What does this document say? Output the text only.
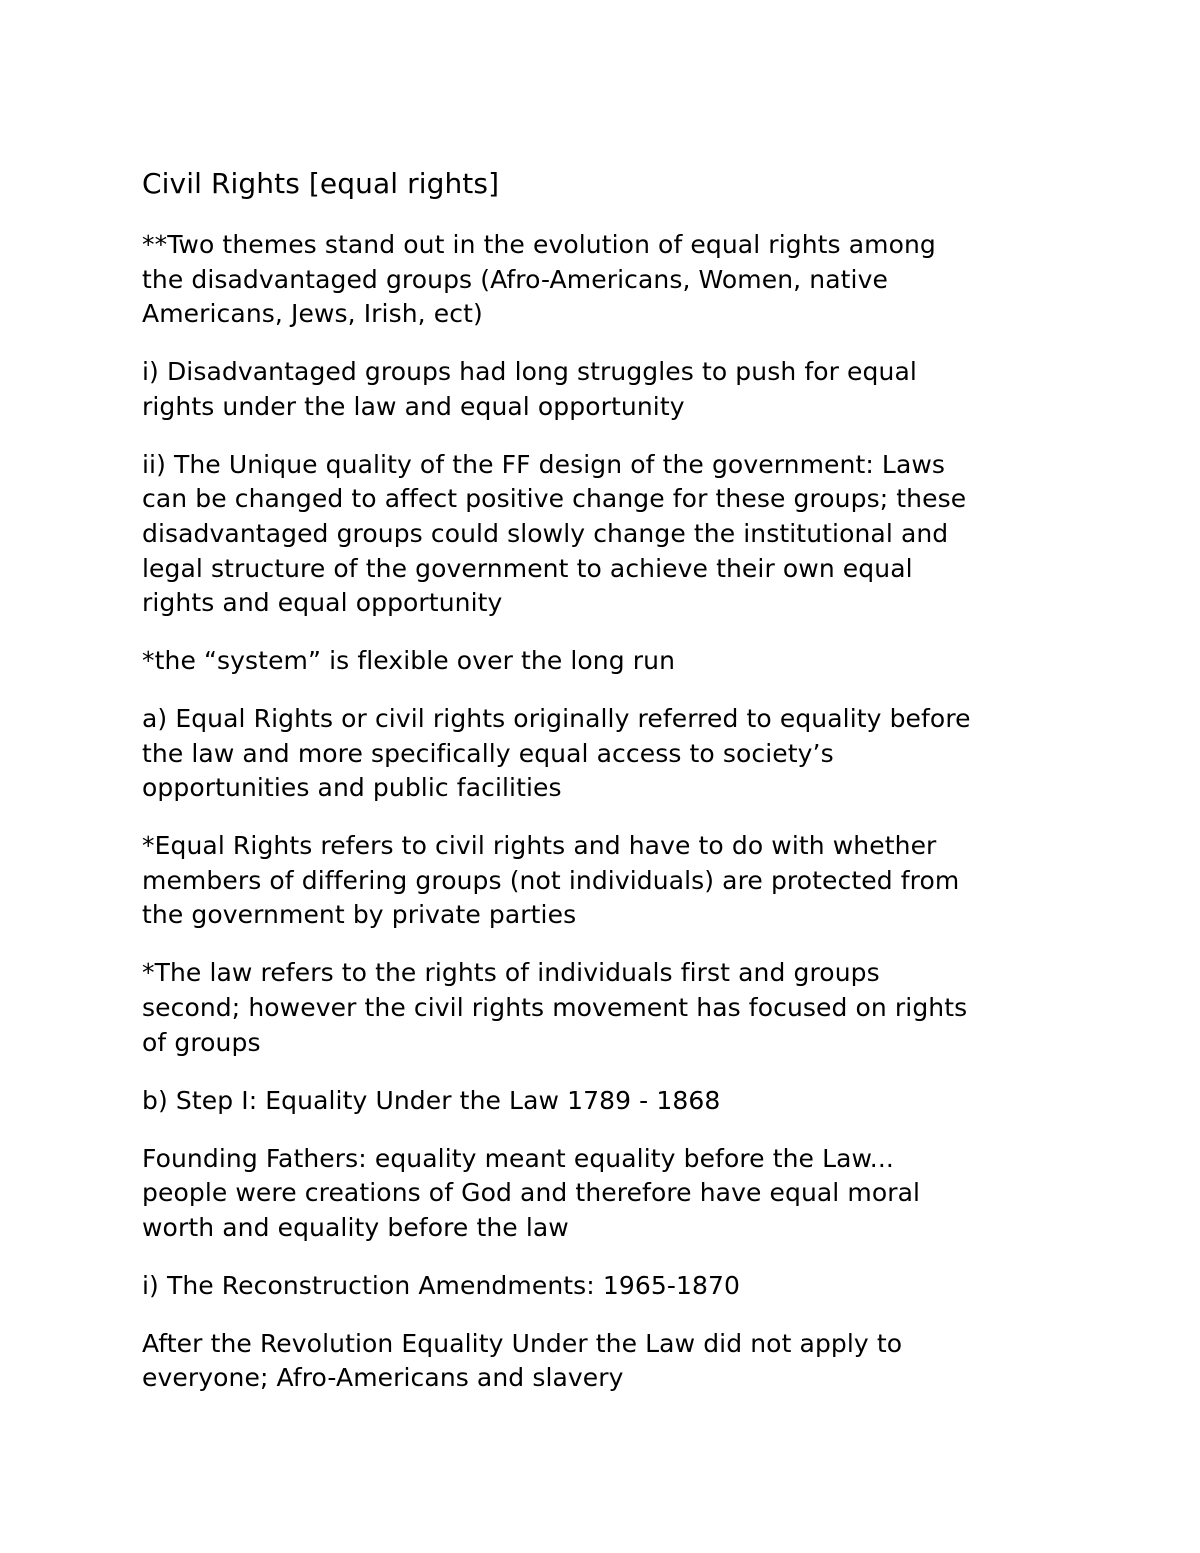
Civil Rights [equal rights]

**Two themes stand out in the evolution of equal rights among
the disadvantaged groups (Afro-Americans, Women, native
Americans, Jews, Irish, ect)

i) Disadvantaged groups had long struggles to push for equal
rights under the law and equal opportunity

ii) The Unique quality of the FF design of the government: Laws
can be changed to affect positive change for these groups; these
disadvantaged groups could slowly change the institutional and
legal structure of the government to achieve their own equal
rights and equal opportunity

*the “system” is flexible over the long run

a) Equal Rights or civil rights originally referred to equality before
the law and more specifically equal access to society’s
opportunities and public facilities

*Equal Rights refers to civil rights and have to do with whether
members of differing groups (not individuals) are protected from
the government by private parties

*The law refers to the rights of individuals first and groups
second; however the civil rights movement has focused on rights
of groups

b) Step I: Equality Under the Law 1789 - 1868

Founding Fathers: equality meant equality before the Law...
people were creations of God and therefore have equal moral
worth and equality before the law

i) The Reconstruction Amendments: 1965-1870

After the Revolution Equality Under the Law did not apply to
everyone; Afro-Americans and slavery
